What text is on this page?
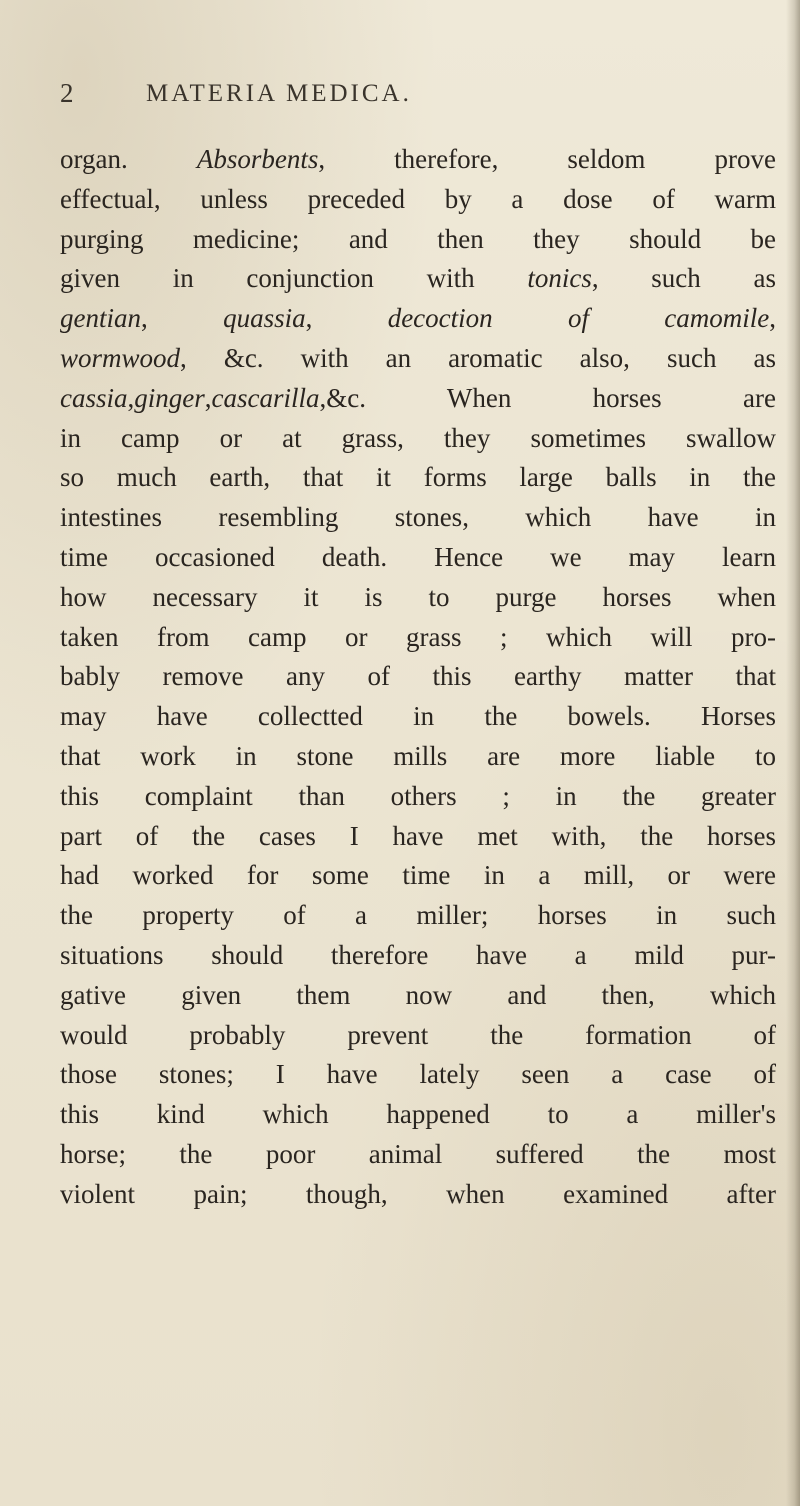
2	MATERIA MEDICA.
organ. Absorbents, therefore, seldom prove
effectual, unless preceded by a dose of warm
purging medicine; and then they should be
given in conjunction with tonics, such as
gentian, quassia, decoction of camomile,
wormwood, &c. with an aromatic also, such as
cassia,ginger,cascarilla,&c. When horses are
in camp or at grass, they sometimes swallow
so much earth, that it forms large balls in the
intestines resembling stones, which have in
time occasioned death. Hence we may learn
how necessary it is to purge horses when
taken from camp or grass ; which will pro-
bably remove any of this earthy matter that
may have collectted in the bowels. Horses
that work in stone mills are more liable to
this complaint than others ; in the greater
part of the cases I have met with, the horses
had worked for some time in a mill, or were
the property of a miller; horses in such
situations should therefore have a mild pur-
gative given them now and then, which
would probably prevent the formation of
those stones; I have lately seen a case of
this kind which happened to a miller's
horse; the poor animal suffered the most
violent pain; though, when examined after
